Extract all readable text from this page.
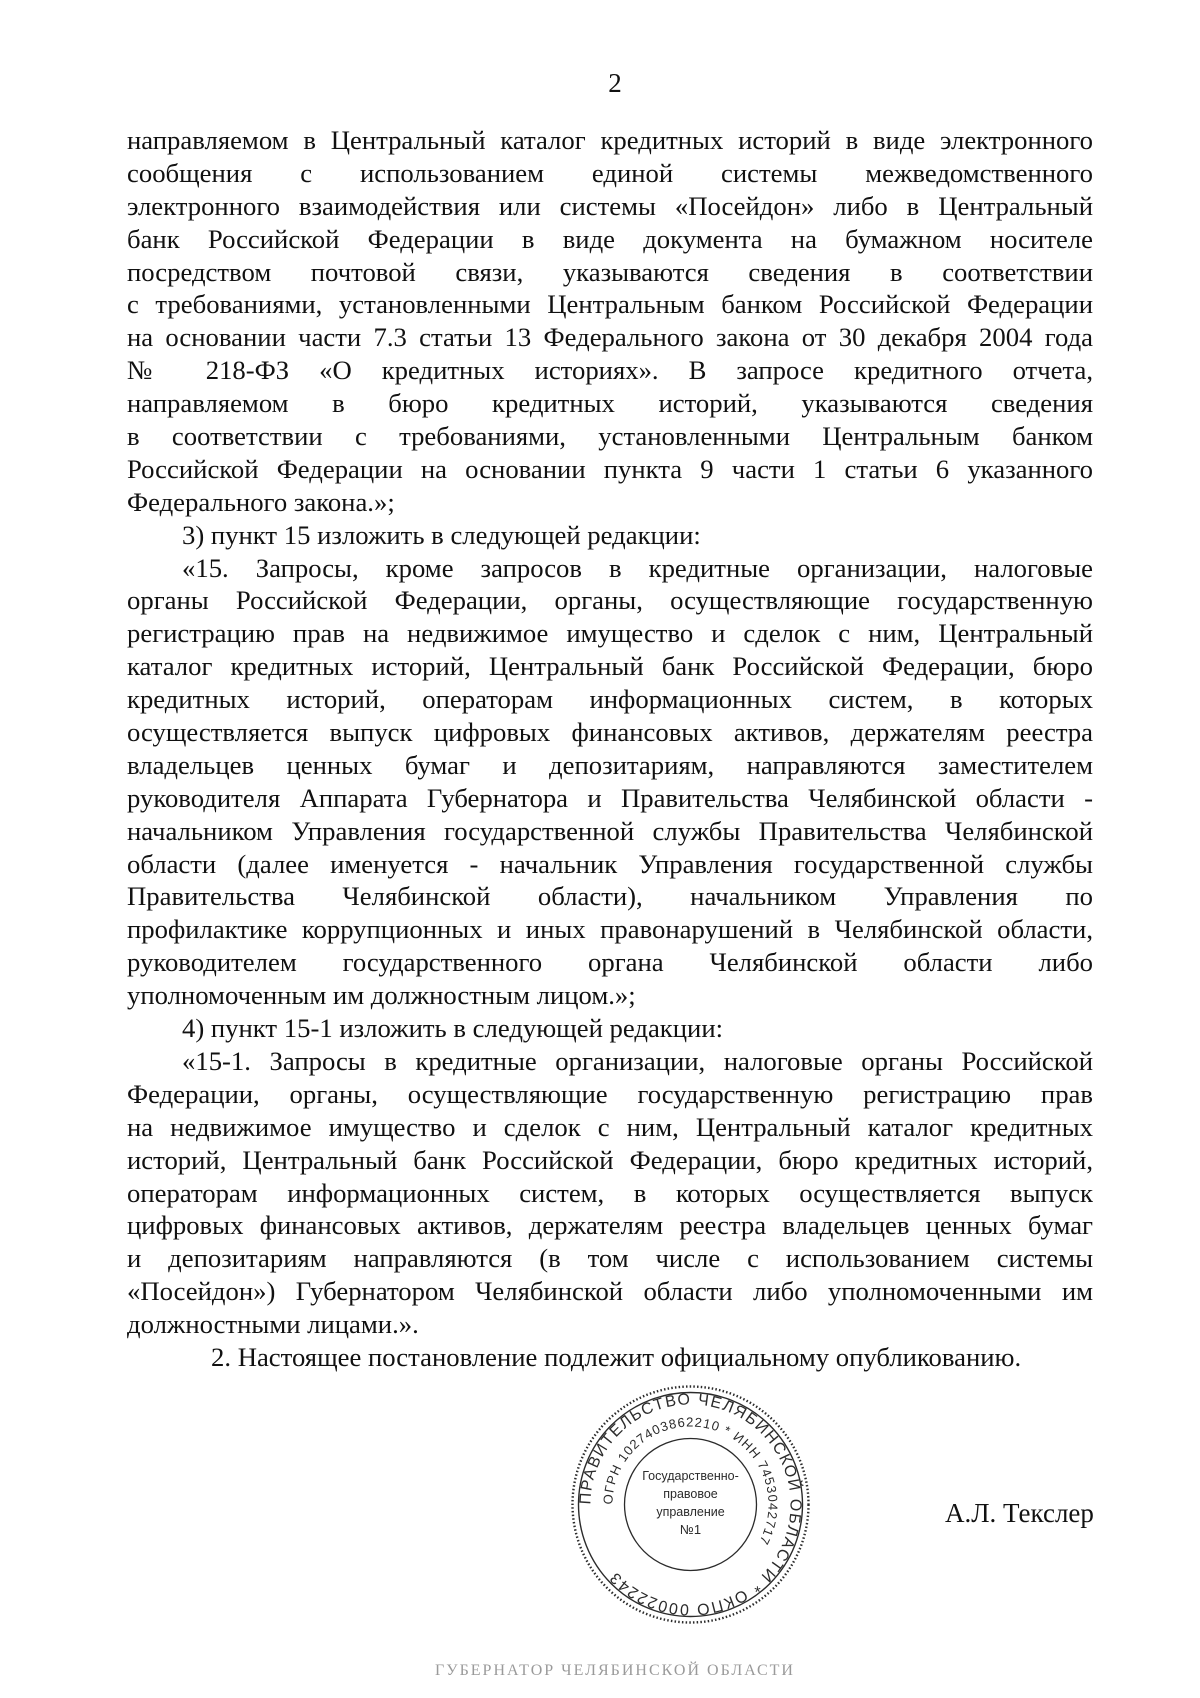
2
направляемом в Центральный каталог кредитных историй в виде электронного
сообщения с использованием единой системы межведомственного
электронного взаимодействия или системы «Посейдон» либо в Центральный
банк Российской Федерации в виде документа на бумажном носителе
посредством почтовой связи, указываются сведения в соответствии
с требованиями, установленными Центральным банком Российской Федерации
на основании части 7.3 статьи 13 Федерального закона от 30 декабря 2004 года
№ 218-ФЗ «О кредитных историях». В запросе кредитного отчета,
направляемом в бюро кредитных историй, указываются сведения
в соответствии с требованиями, установленными Центральным банком
Российской Федерации на основании пункта 9 части 1 статьи 6 указанного
Федерального закона.»;
3) пункт 15 изложить в следующей редакции:
«15. Запросы, кроме запросов в кредитные организации, налоговые
органы Российской Федерации, органы, осуществляющие государственную
регистрацию прав на недвижимое имущество и сделок с ним, Центральный
каталог кредитных историй, Центральный банк Российской Федерации, бюро
кредитных историй, операторам информационных систем, в которых
осуществляется выпуск цифровых финансовых активов, держателям реестра
владельцев ценных бумаг и депозитариям, направляются заместителем
руководителя Аппарата Губернатора и Правительства Челябинской области -
начальником Управления государственной службы Правительства Челябинской
области (далее именуется - начальник Управления государственной службы
Правительства Челябинской области), начальником Управления по
профилактике коррупционных и иных правонарушений в Челябинской области,
руководителем государственного органа Челябинской области либо
уполномоченным им должностным лицом.»;
4) пункт 15-1 изложить в следующей редакции:
«15-1. Запросы в кредитные организации, налоговые органы Российской
Федерации, органы, осуществляющие государственную регистрацию прав
на недвижимое имущество и сделок с ним, Центральный каталог кредитных
историй, Центральный банк Российской Федерации, бюро кредитных историй,
операторам информационных систем, в которых осуществляется выпуск
цифровых финансовых активов, держателям реестра владельцев ценных бумаг
и депозитариям направляются (в том числе с использованием системы
«Посейдон») Губернатором Челябинской области либо уполномоченными им
должностными лицами.».
2. Настоящее постановление подлежит официальному опубликованию.
ПРАВИТЕЛЬСТВО ЧЕЛЯБИНСКОЙ ОБЛАСТИ * ОКПО 00022243
ОГРН 1027403862210 * ИНН 7453042717
Государственно-
правовое
управление
№1
А.Л. Текслер
ГУБЕРНАТОР ЧЕЛЯБИНСКОЙ ОБЛАСТИ
